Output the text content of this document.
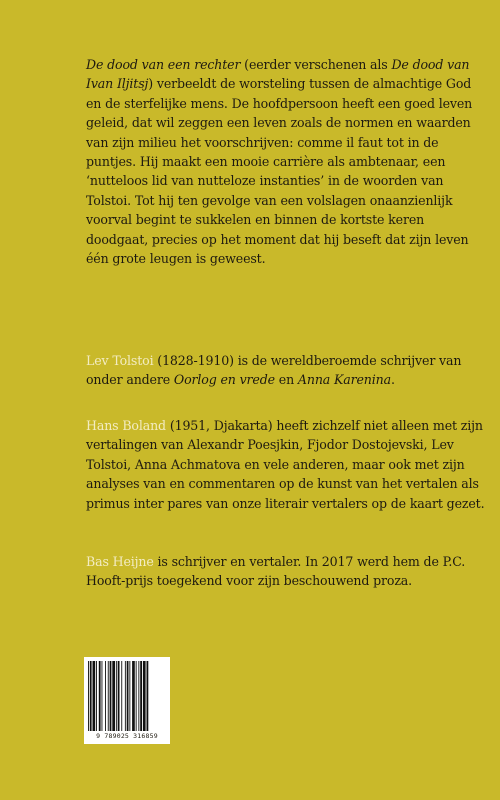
De dood van een rechter (eerder verschenen als De dood van Ivan Iljitsj) verbeeldt de worsteling tussen de almachtige God en de sterfelijke mens. De hoofdpersoon heeft een goed leven geleid, dat wil zeggen een leven zoals de normen en waarden van zijn milieu het voorschrijven: comme il faut tot in de puntjes. Hij maakt een mooie carrière als ambtenaar, een ‘nutteloos lid van nutteloze instanties’ in de woorden van Tolstoi. Tot hij ten gevolge van een volslagen onaanzienlijk voorval begint te sukkelen en binnen de kortste keren doodgaat, precies op het moment dat hij beseft dat zijn leven één grote leugen is geweest.

Lev Tolstoi (1828-1910) is de wereldberoemde schrijver van onder andere Oorlog en vrede en Anna Karenina.

Hans Boland (1951, Djakarta) heeft zichzelf niet alleen met zijn vertalingen van Alexandr Poesjkin, Fjodor Dostojevski, Lev Tolstoi, Anna Achmatova en vele anderen, maar ook met zijn analyses van en commentaren op de kunst van het vertalen als primus inter pares van onze literair vertalers op de kaart gezet.

Bas Heijne is schrijver en vertaler. In 2017 werd hem de P.C. Hooft-prijs toegekend voor zijn beschouwend proza.

9 789025 316859
